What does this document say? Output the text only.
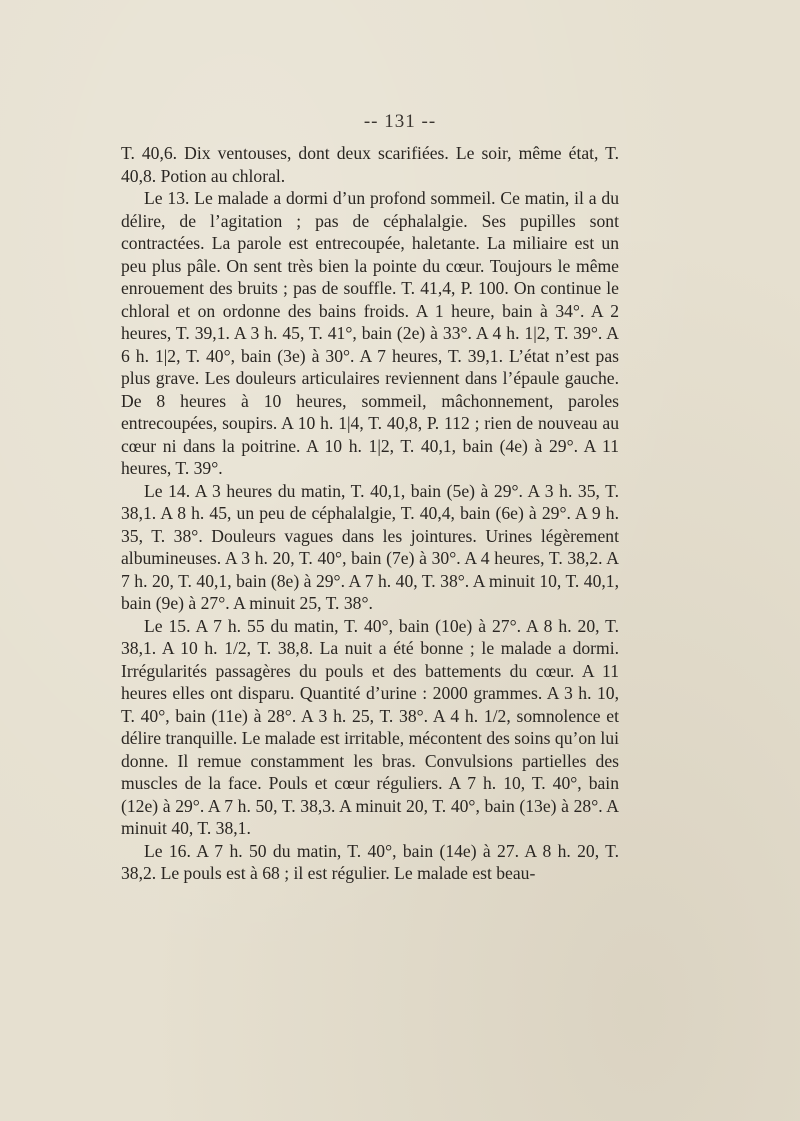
-- 131 --

T. 40,6. Dix ventouses, dont deux scarifiées. Le soir, même état, T. 40,8. Potion au chloral.

Le 13. Le malade a dormi d’un profond sommeil. Ce matin, il a du délire, de l’agitation ; pas de céphalalgie. Ses pupilles sont contractées. La parole est entrecoupée, haletante. La miliaire est un peu plus pâle. On sent très bien la pointe du cœur. Toujours le même enrouement des bruits ; pas de souffle. T. 41,4, P. 100. On continue le chloral et on ordonne des bains froids. A 1 heure, bain à 34°. A 2 heures, T. 39,1. A 3 h. 45, T. 41°, bain (2e) à 33°. A 4 h. 1|2, T. 39°. A 6 h. 1|2, T. 40°, bain (3e) à 30°. A 7 heures, T. 39,1. L’état n’est pas plus grave. Les douleurs articulaires reviennent dans l’épaule gauche. De 8 heures à 10 heures, sommeil, mâchonnement, paroles entrecoupées, soupirs. A 10 h. 1|4, T. 40,8, P. 112 ; rien de nouveau au cœur ni dans la poitrine. A 10 h. 1|2, T. 40,1, bain (4e) à 29°. A 11 heures, T. 39°.

Le 14. A 3 heures du matin, T. 40,1, bain (5e) à 29°. A 3 h. 35, T. 38,1. A 8 h. 45, un peu de céphalalgie, T. 40,4, bain (6e) à 29°. A 9 h. 35, T. 38°. Douleurs vagues dans les jointures. Urines légèrement albumineuses. A 3 h. 20, T. 40°, bain (7e) à 30°. A 4 heures, T. 38,2. A 7 h. 20, T. 40,1, bain (8e) à 29°. A 7 h. 40, T. 38°. A minuit 10, T. 40,1, bain (9e) à 27°. A minuit 25, T. 38°.

Le 15. A 7 h. 55 du matin, T. 40°, bain (10e) à 27°. A 8 h. 20, T. 38,1. A 10 h. 1/2, T. 38,8. La nuit a été bonne ; le malade a dormi. Irrégularités passagères du pouls et des battements du cœur. A 11 heures elles ont disparu. Quantité d’urine : 2000 grammes. A 3 h. 10, T. 40°, bain (11e) à 28°. A 3 h. 25, T. 38°. A 4 h. 1/2, somnolence et délire tranquille. Le malade est irritable, mécontent des soins qu’on lui donne. Il remue constamment les bras. Convulsions partielles des muscles de la face. Pouls et cœur réguliers. A 7 h. 10, T. 40°, bain (12e) à 29°. A 7 h. 50, T. 38,3. A minuit 20, T. 40°, bain (13e) à 28°. A minuit 40, T. 38,1.

Le 16. A 7 h. 50 du matin, T. 40°, bain (14e) à 27. A 8 h. 20, T. 38,2. Le pouls est à 68 ; il est régulier. Le malade est beau-
